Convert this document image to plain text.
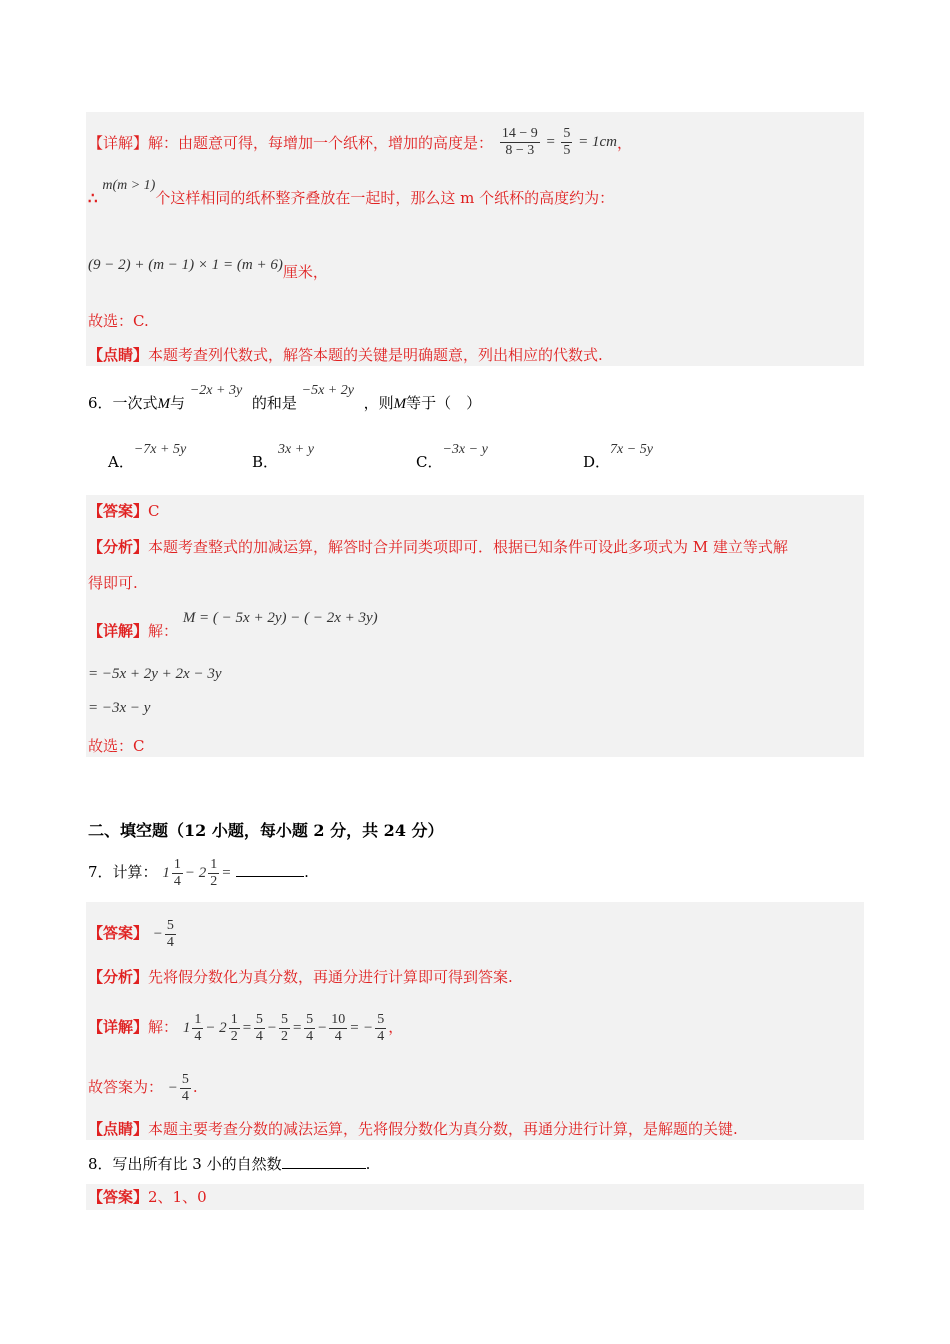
【详解】解：由题意可得，每增加一个纸杯，增加的高度是： $\frac{14 - 9}{8 - 3} = \frac{5}{5} = 1cm$，
∴ m(m > 1)个这样相同的纸杯整齐叠放在一起时，那么这 m 个纸杯的高度约为：
(9 − 2) + (m − 1) × 1 = (m + 6)厘米，
故选：C.
【点睛】本题考查列代数式，解答本题的关键是明确题意，列出相应的代数式.
6．一次式M与 −2x + 3y的和是 −5x + 2y，则M等于（　）
A．−7x + 5y
B．3x + y
C．−3x − y
D．7x − 5y
【答案】C
【分析】本题考查整式的加减运算，解答时合并同类项即可．根据已知条件可设此多项式为 M 建立等式解
得即可.
【详解】解： M = ( − 5x + 2y) − ( − 2x + 3y)
= −5x + 2y + 2x − 3y
= −3x − y
故选：C
二、填空题（12 小题，每小题 2 分，共 24 分）
7．计算： $1 \frac{1}{4} - 2 \frac{1}{2}$ =	.
【答案】 − $\frac{5}{4}$
【分析】先将假分数化为真分数，再通分进行计算即可得到答案.
【详解】解： $1 \frac{1}{4} - 2 \frac{1}{2} = \frac{5}{4} - \frac{5}{2} = \frac{5}{4} - \frac{10}{4}$ = − $\frac{5}{4}$ ，
故答案为： − $\frac{5}{4}$ .
【点睛】本题主要考查分数的减法运算，先将假分数化为真分数，再通分进行计算，是解题的关键.
8．写出所有比 3 小的自然数	.
【答案】2、1、0
